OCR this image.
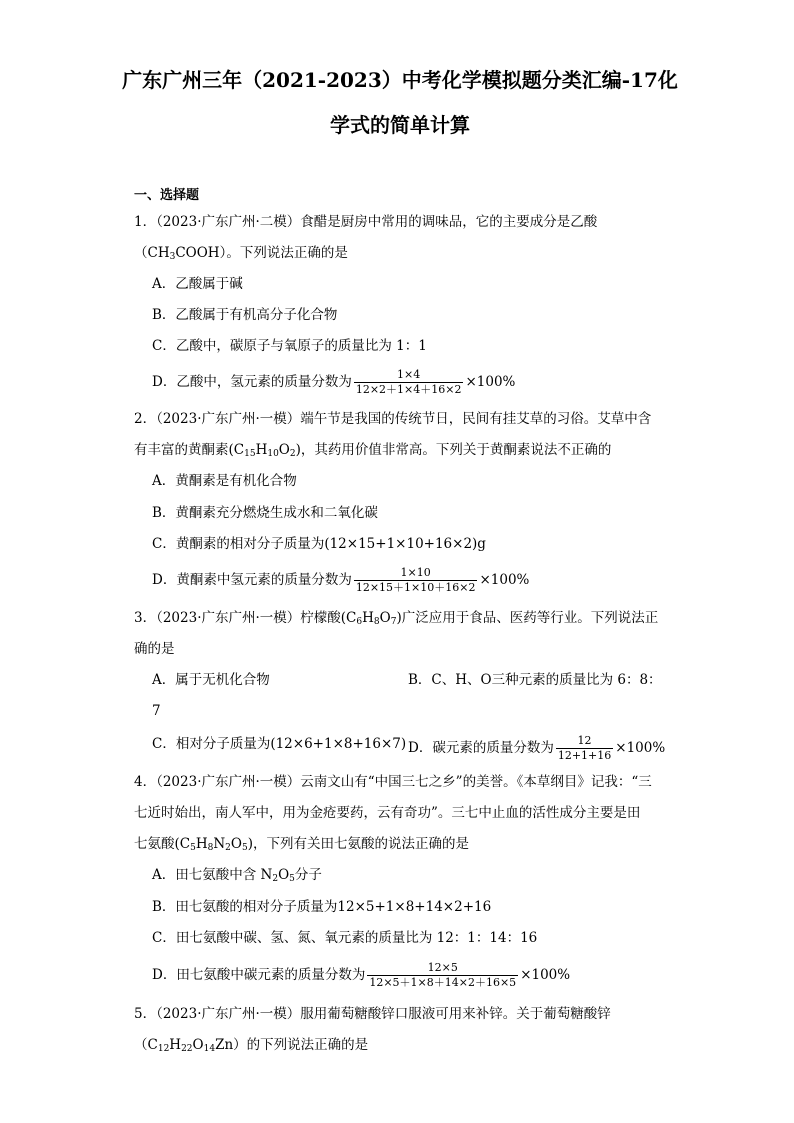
广东广州三年（2021-2023）中考化学模拟题分类汇编-17化
学式的简单计算
一、选择题
1．（2023·广东广州·二模）食醋是厨房中常用的调味品，它的主要成分是乙酸
$(CH_3COOH)$。下列说法正确的是
A．乙酸属于碱
B．乙酸属于有机高分子化合物
C．乙酸中，碳原子与氧原子的质量比为 1：1
D．乙酸中，氢元素的质量分数为 $\frac{1\times 4}{12\times 2+1\times 4+16\times 2} \times 100\%$
2．（2023·广东广州·一模）端午节是我国的传统节日，民间有挂艾草的习俗。艾草中含
有丰富的黄酮素$(C_{15}H_{10}O_2)$，其药用价值非常高。下列关于黄酮素说法不正确的
A．黄酮素是有机化合物
B．黄酮素充分燃烧生成水和二氧化碳
C．黄酮素的相对分子质量为(12×15+1×10+16×2)g
D．黄酮素中氢元素的质量分数为 $\frac{1\times 10}{12\times 15+1\times 10+16\times 2} \times 100\%$
3．（2023·广东广州·一模）柠檬酸$(C_6H_8O_7)$广泛应用于食品、医药等行业。下列说法正
确的是
A．属于无机化合物	B．C、H、O三种元素的质量比为 6：8：
7
C．相对分子质量为(12×6+1×8+16×7) D．碳元素的质量分数为 $\frac{12}{12+1+16} \times 100\%$
4．（2023·广东广州·一模）云南文山有“中国三七之乡”的美誉。《本草纲目》记我：“三
七近时始出，南人军中，用为金疮要药，云有奇功”。三七中止血的活性成分主要是田
七氨酸$(C_5H_8N_2O_5)$，下列有关田七氨酸的说法正确的是
A．田七氨酸中含 $N_2O_5$分子
B．田七氨酸的相对分子质量为12×5+1×8+14×2+16
C．田七氨酸中碳、氢、氮、氧元素的质量比为 12：1：14：16
D．田七氨酸中碳元素的质量分数为 $\frac{12\times 5}{12\times 5+1\times 8+14\times 2+16\times 5} \times 100\%$
5．（2023·广东广州·一模）服用葡萄糖酸锌口服液可用来补锌。关于葡萄糖酸锌
$(C_{12}H_{22}O_{14}Zn)$的下列说法正确的是
